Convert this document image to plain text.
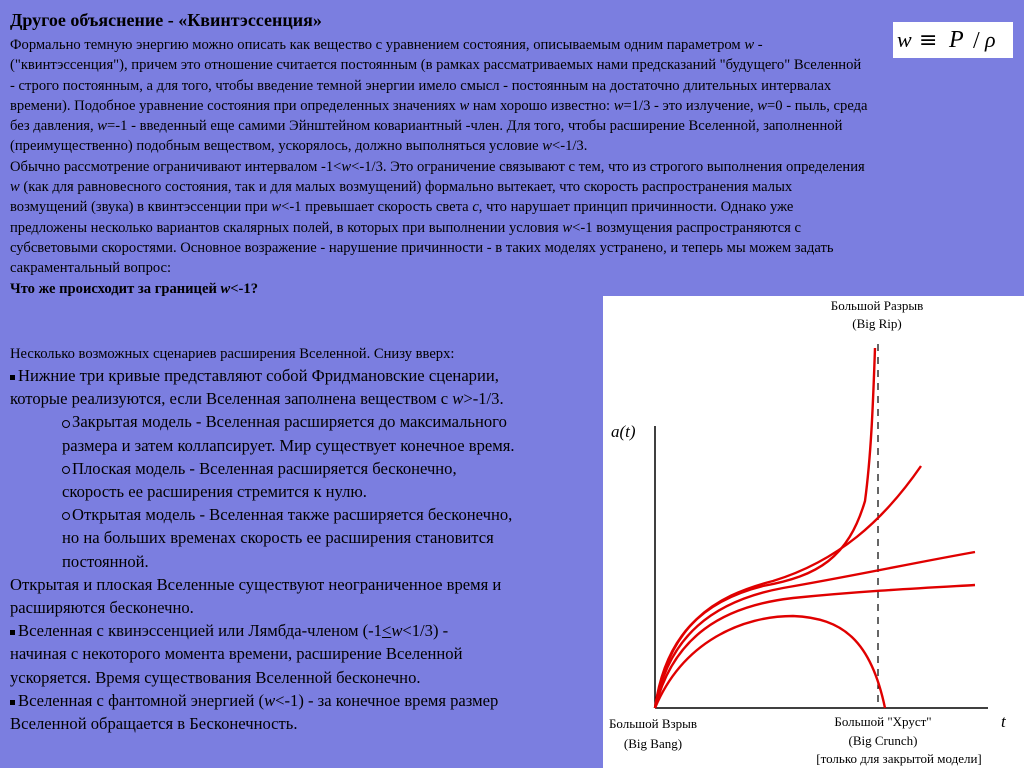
Другое объяснение - «Квинтэссенция»
Формально темную энергию можно описать как вещество с уравнением состояния, описываемым одним параметром w -
("квинтэссенция"), причем это отношение считается постоянным (в рамках рассматриваемых нами предсказаний "будущего" Вселенной
- строго постоянным, а для того, чтобы введение темной энергии имело смысл - постоянным на достаточно длительных интервалах
времени). Подобное уравнение состояния при определенных значениях w нам хорошо известно: w=1/3 - это излучение, w=0 - пыль, среда
без давления, w=-1 - введенный еще самими Эйнштейном ковариантный -член. Для того, чтобы расширение Вселенной, заполненной
(преимущественно) подобным веществом, ускорялось, должно выполняться условие w<-1/3.
Обычно рассмотрение ограничивают интервалом -1<w<-1/3. Это ограничение связывают с тем, что из строгого выполнения определения
w (как для равновесного состояния, так и для малых возмущений) формально вытекает, что скорость распространения малых
возмущений (звука) в квинтэссенции при w<-1 превышает скорость света c, что нарушает принцип причинности. Однако уже
предложены несколько вариантов скалярных полей, в которых при выполнении условия w<-1 возмущения распространяются с
субсветовыми скоростями. Основное возражение - нарушение причинности - в таких моделях устранено, и теперь мы можем задать
сакраментальный вопрос:
Что же происходит за границей w<-1?
w ≡ P / ρ
Несколько возможных сценариев расширения Вселенной. Снизу вверх:
Нижние три кривые представляют собой Фридмановские сценарии,
которые реализуются, если Вселенная заполнена веществом с w>-1/3.
Закрытая модель - Вселенная расширяется до максимального
размера и затем коллапсирует. Мир существует конечное время.
Плоская модель - Вселенная расширяется бесконечно,
скорость ее расширения стремится к нулю.
Открытая модель - Вселенная также расширяется бесконечно,
но на больших временах скорость ее расширения становится
постоянной.
Открытая и плоская Вселенные существуют неограниченное время и
расширяются бесконечно.
Вселенная с квинэссенцией или Лямбда-членом (-1<w<1/3) -
начиная с некоторого момента времени, расширение Вселенной
ускоряется. Время существования Вселенной бесконечно.
Вселенная с фантомной энергией (w<-1) - за конечное время размер
Вселенной обращается в Бесконечность.
Большой Разрыв
(Big Rip)
a(t)
t
Большой Взрыв
(Big Bang)
Большой "Хруст"
(Big Crunch)
[только для закрытой модели]
